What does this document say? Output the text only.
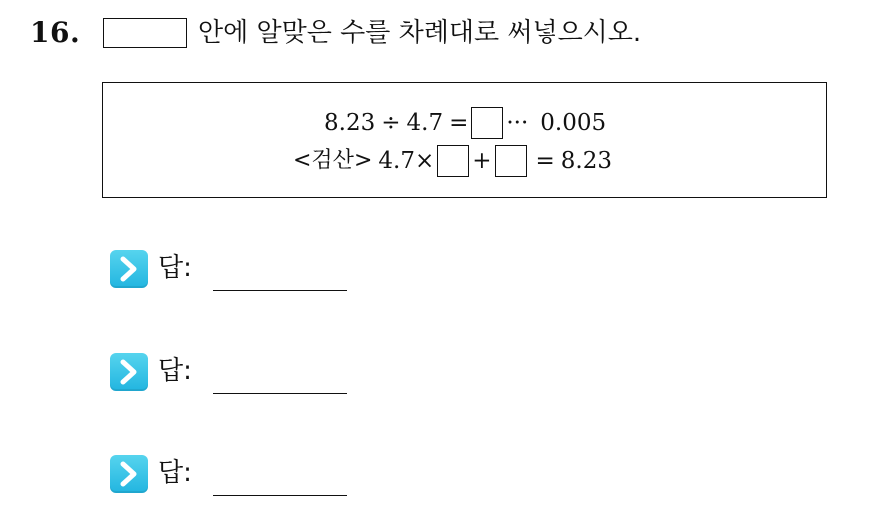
16.	안에 알맞은 수를 차례대로 써넣으시오.
8.23 ÷ 4.7 = ··· 0.005
<검산> 4.7 × + = 8.23
답:
답:
답:
